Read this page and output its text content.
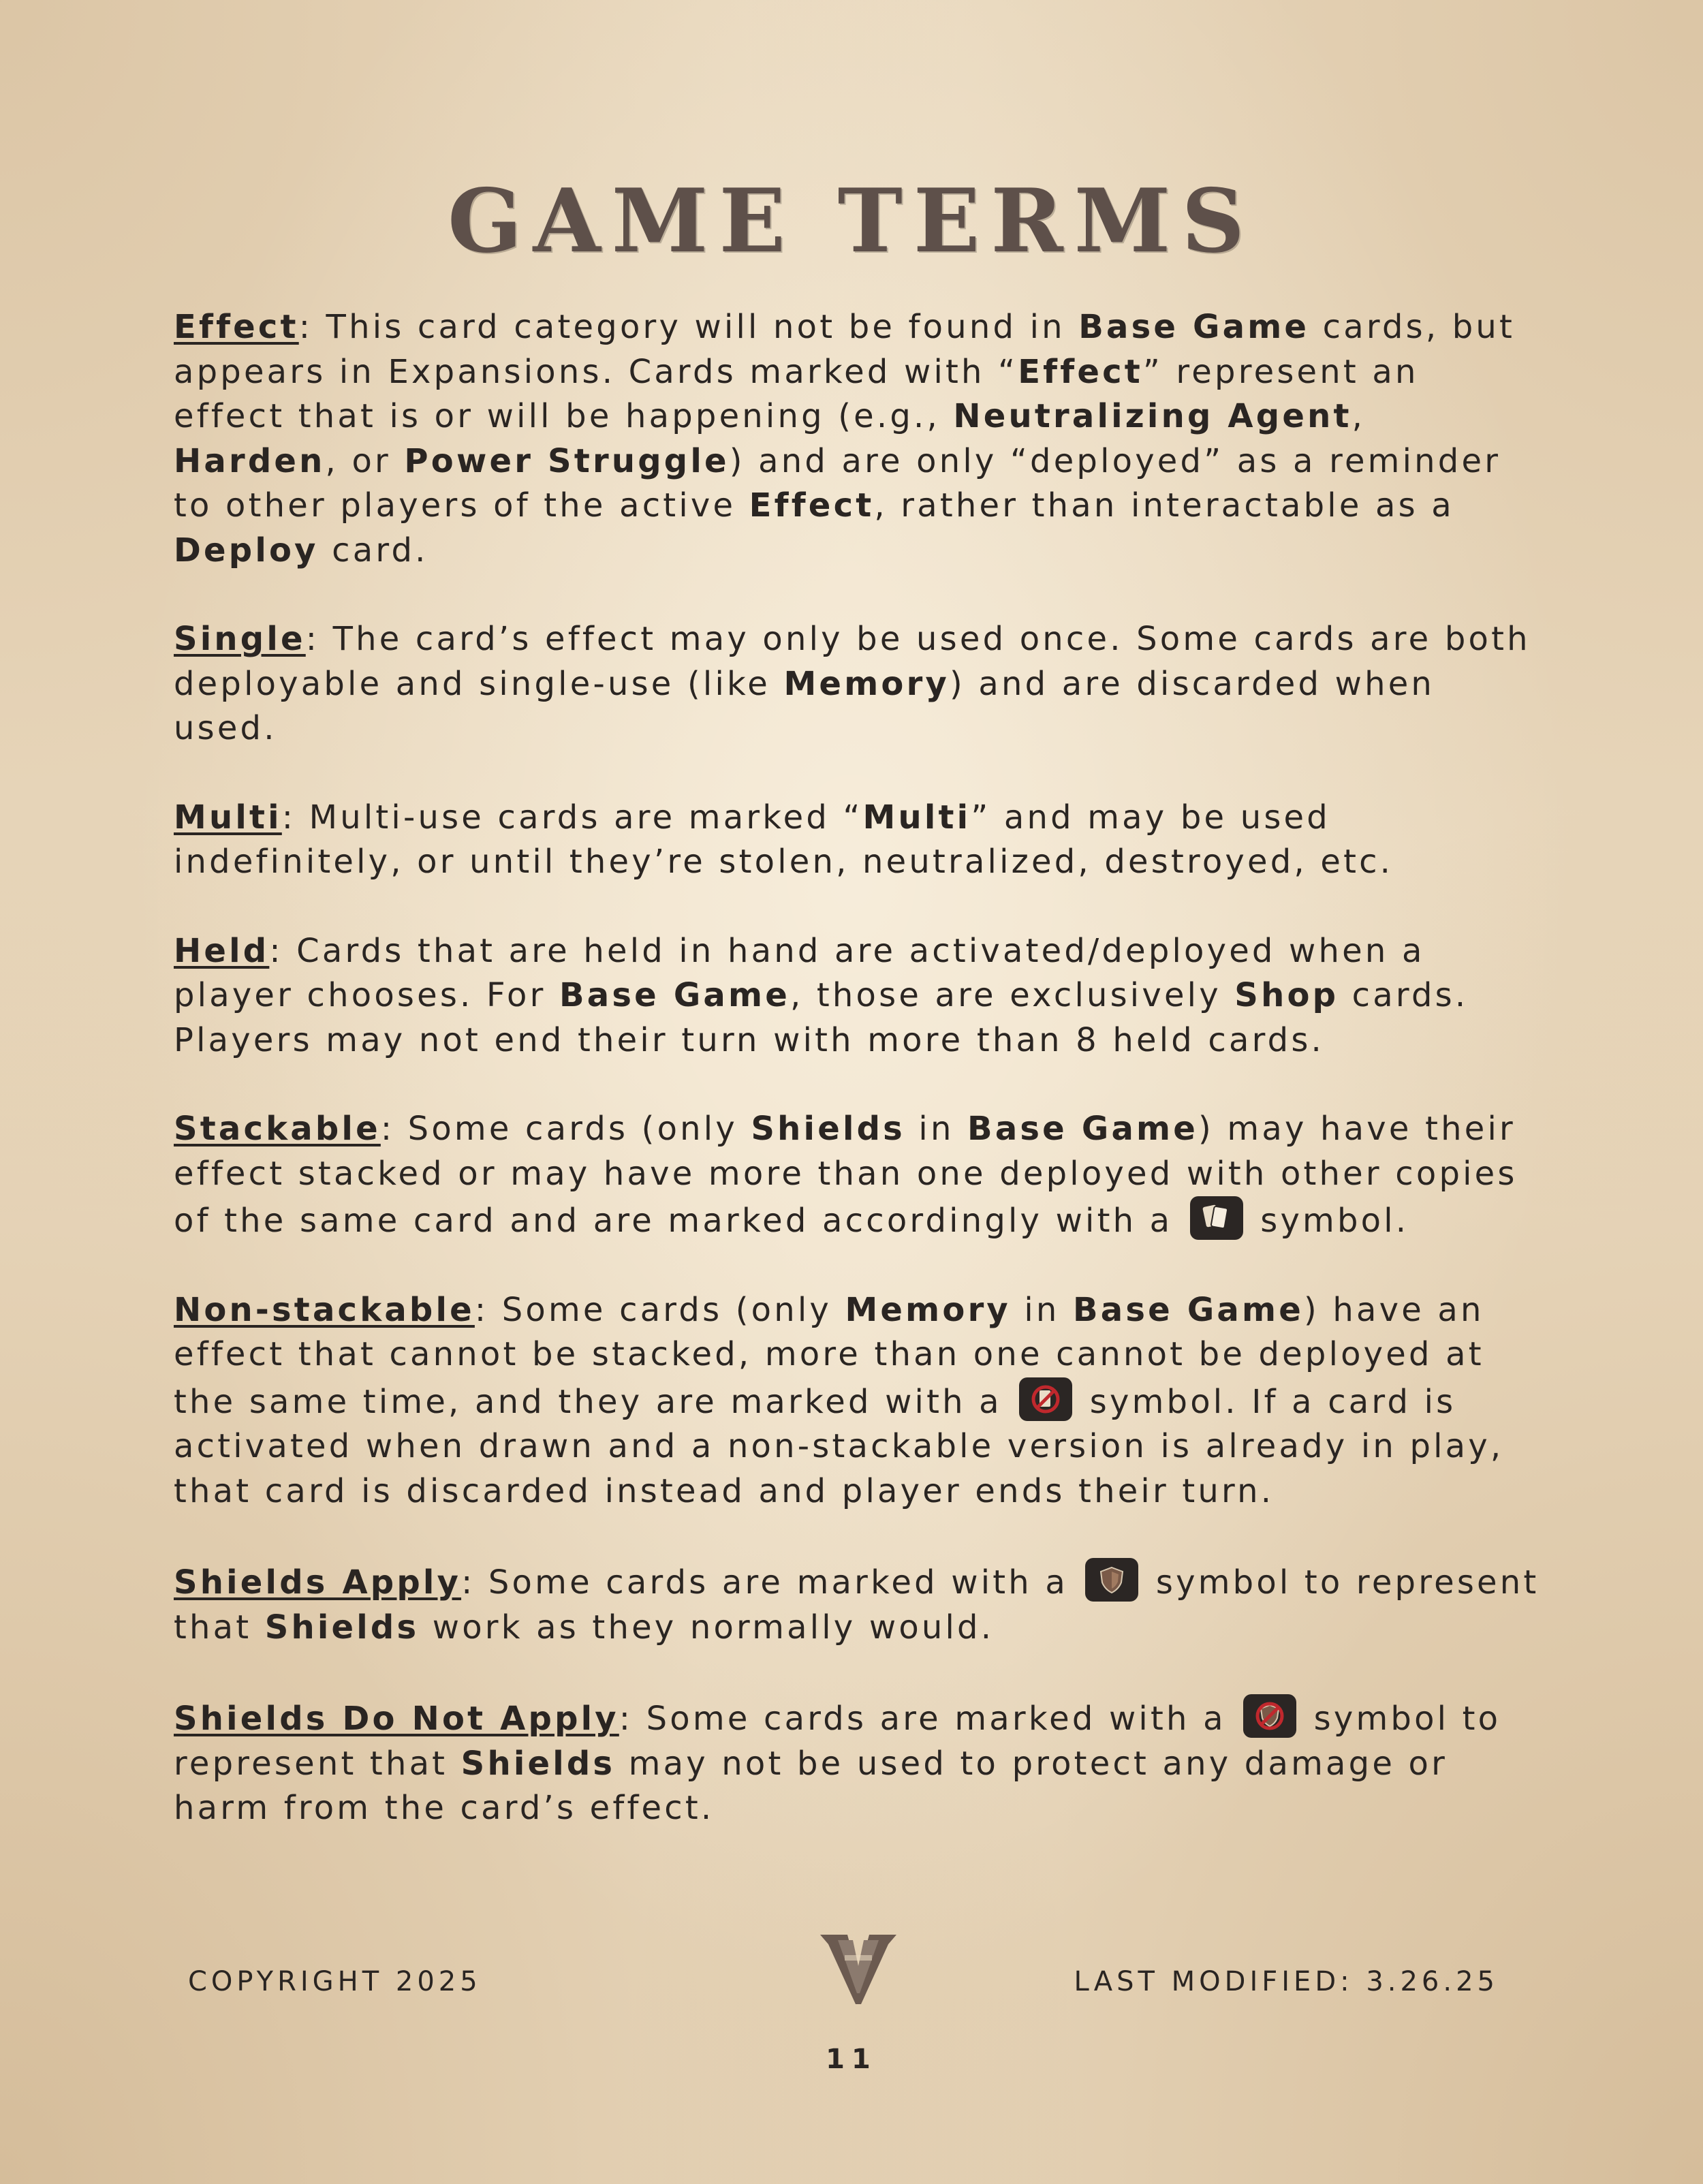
GAME TERMS

Effect: This card category will not be found in Base Game cards, but appears in Expansions. Cards marked with “Effect” represent an effect that is or will be happening (e.g., Neutralizing Agent, Harden, or Power Struggle) and are only “deployed” as a reminder to other players of the active Effect, rather than interactable as a Deploy card.

Single: The card’s effect may only be used once. Some cards are both deployable and single-use (like Memory) and are discarded when used.

Multi: Multi-use cards are marked “Multi” and may be used indefinitely, or until they’re stolen, neutralized, destroyed, etc.

Held: Cards that are held in hand are activated/deployed when a player chooses. For Base Game, those are exclusively Shop cards. Players may not end their turn with more than 8 held cards.

Stackable: Some cards (only Shields in Base Game) may have their effect stacked or may have more than one deployed with other copies of the same card and are marked accordingly with a	symbol.

Non-stackable: Some cards (only Memory in Base Game) have an effect that cannot be stacked, more than one cannot be deployed at the same time, and they are marked with a	symbol. If a card is activated when drawn and a non-stackable version is already in play, that card is discarded instead and player ends their turn.

Shields Apply: Some cards are marked with a	symbol to represent that Shields work as they normally would.

Shields Do Not Apply: Some cards are marked with a	symbol to represent that Shields may not be used to protect any damage or harm from the card’s effect.

COPYRIGHT 2025	LAST MODIFIED: 3.26.25
11
